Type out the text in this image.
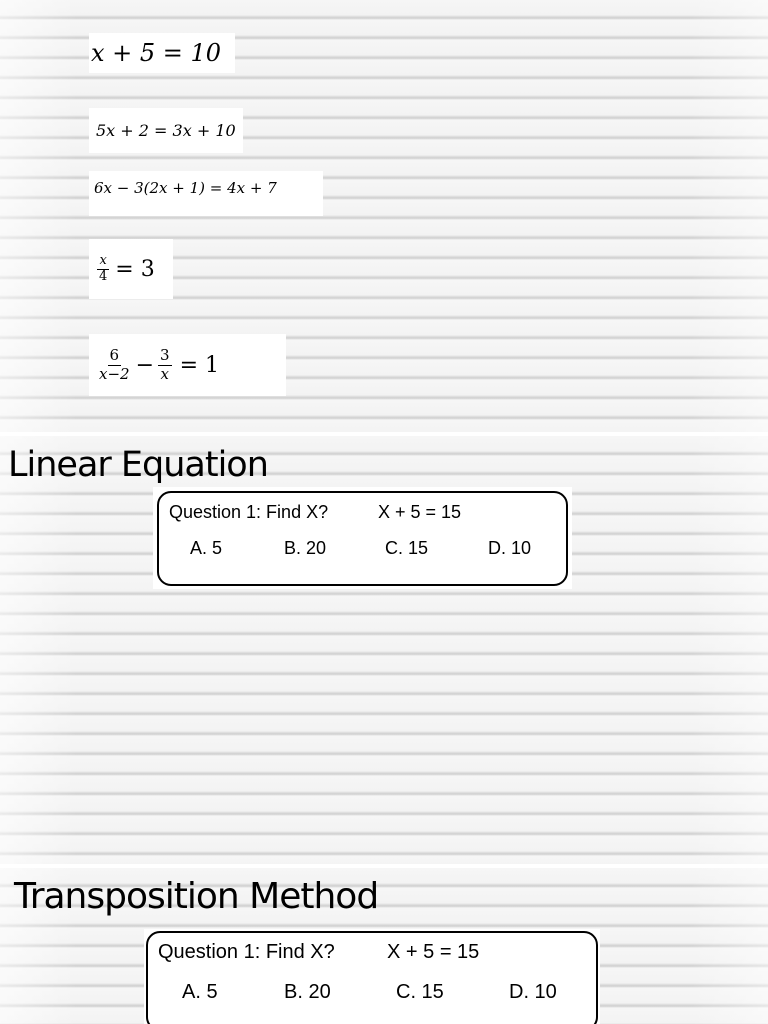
x + 5 = 10
5x + 2 = 3x + 10
6x − 3(2x + 1) = 4x + 7
$\frac{x}{4} = 3$
$\frac{6}{x-2} - \frac{3}{x} = 1$
Linear Equation
Question 1: Find X?	X + 5 = 15
A. 5	B. 20	C. 15	D. 10
Transposition Method
Question 1: Find X?	X + 5 = 15
A. 5	B. 20	C. 15	D. 10
